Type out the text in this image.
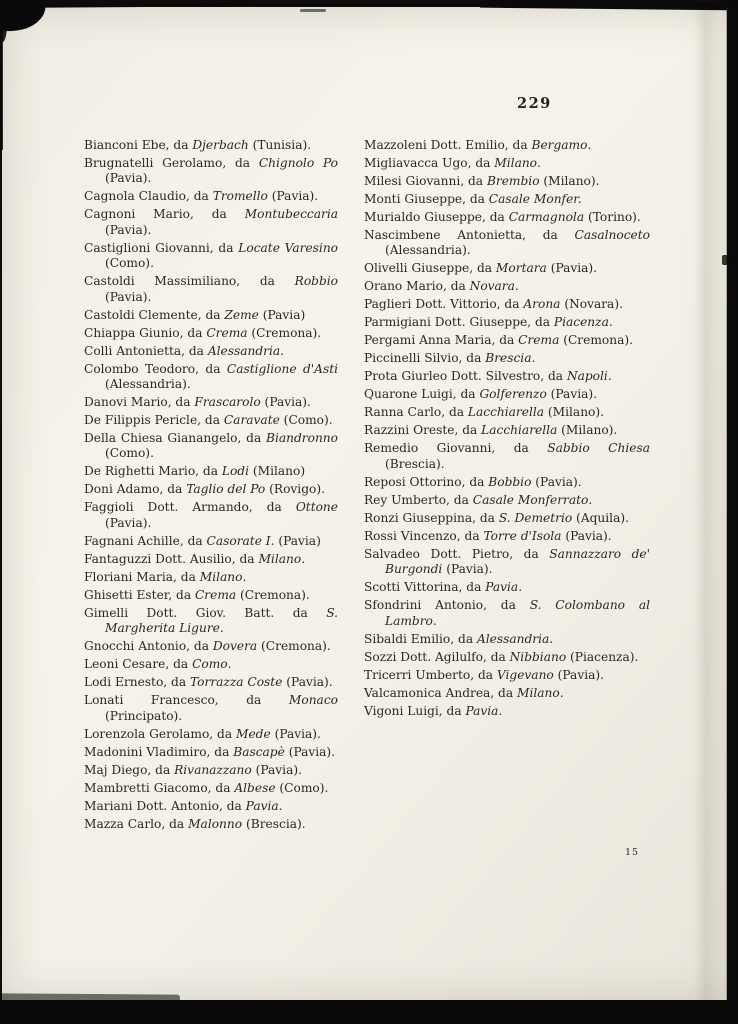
229
Bianconi Ebe, da Djerbach (Tunisia).
Brugnatelli Gerolamo, da Chignolo Po (Pavia).
Cagnola Claudio, da Tromello (Pavia).
Cagnoni Mario, da Montubeccaria (Pavia).
Castiglioni Giovanni, da Locate Varesino (Como).
Castoldi Massimiliano, da Robbio (Pavia).
Castoldi Clemente, da Zeme (Pavia)
Chiappa Giunio, da Crema (Cremona).
Colli Antonietta, da Alessandria.
Colombo Teodoro, da Castiglione d'Asti (Alessandria).
Danovi Mario, da Frascarolo (Pavia).
De Filippis Pericle, da Caravate (Como).
Della Chiesa Gianangelo, da Biandronno (Como).
De Righetti Mario, da Lodi (Milano)
Doni Adamo, da Taglio del Po (Rovigo).
Faggioli Dott. Armando, da Ottone (Pavia).
Fagnani Achille, da Casorate I. (Pavia)
Fantaguzzi Dott. Ausilio, da Milano.
Floriani Maria, da Milano.
Ghisetti Ester, da Crema (Cremona).
Gimelli Dott. Giov. Batt. da S. Margherita Ligure.
Gnocchi Antonio, da Dovera (Cremona).
Leoni Cesare, da Como.
Lodi Ernesto, da Torrazza Coste (Pavia).
Lonati Francesco, da Monaco (Principato).
Lorenzola Gerolamo, da Mede (Pavia).
Madonini Vladimiro, da Bascapè (Pavia).
Maj Diego, da Rivanazzano (Pavia).
Mambretti Giacomo, da Albese (Como).
Mariani Dott. Antonio, da Pavia.
Mazza Carlo, da Malonno (Brescia).
Mazzoleni Dott. Emilio, da Bergamo.
Migliavacca Ugo, da Milano.
Milesi Giovanni, da Brembio (Milano).
Monti Giuseppe, da Casale Monfer.
Murialdo Giuseppe, da Carmagnola (Torino).
Nascimbene Antonietta, da Casalnoceto (Alessandria).
Olivelli Giuseppe, da Mortara (Pavia).
Orano Mario, da Novara.
Paglieri Dott. Vittorio, da Arona (Novara).
Parmigiani Dott. Giuseppe, da Piacenza.
Pergami Anna Maria, da Crema (Cremona).
Piccinelli Silvio, da Brescia.
Prota Giurleo Dott. Silvestro, da Napoli.
Quarone Luigi, da Golferenzo (Pavia).
Ranna Carlo, da Lacchiarella (Milano).
Razzini Oreste, da Lacchiarella (Milano).
Remedio Giovanni, da Sabbio Chiesa (Brescia).
Reposi Ottorino, da Bobbio (Pavia).
Rey Umberto, da Casale Monferrato.
Ronzi Giuseppina, da S. Demetrio (Aquila).
Rossi Vincenzo, da Torre d'Isola (Pavia).
Salvadeo Dott. Pietro, da Sannazzaro de' Burgondi (Pavia).
Scotti Vittorina, da Pavia.
Sfondrini Antonio, da S. Colombano al Lambro.
Sibaldi Emilio, da Alessandria.
Sozzi Dott. Agilulfo, da Nibbiano (Piacenza).
Tricerri Umberto, da Vigevano (Pavia).
Valcamonica Andrea, da Milano.
Vigoni Luigi, da Pavia.
15
